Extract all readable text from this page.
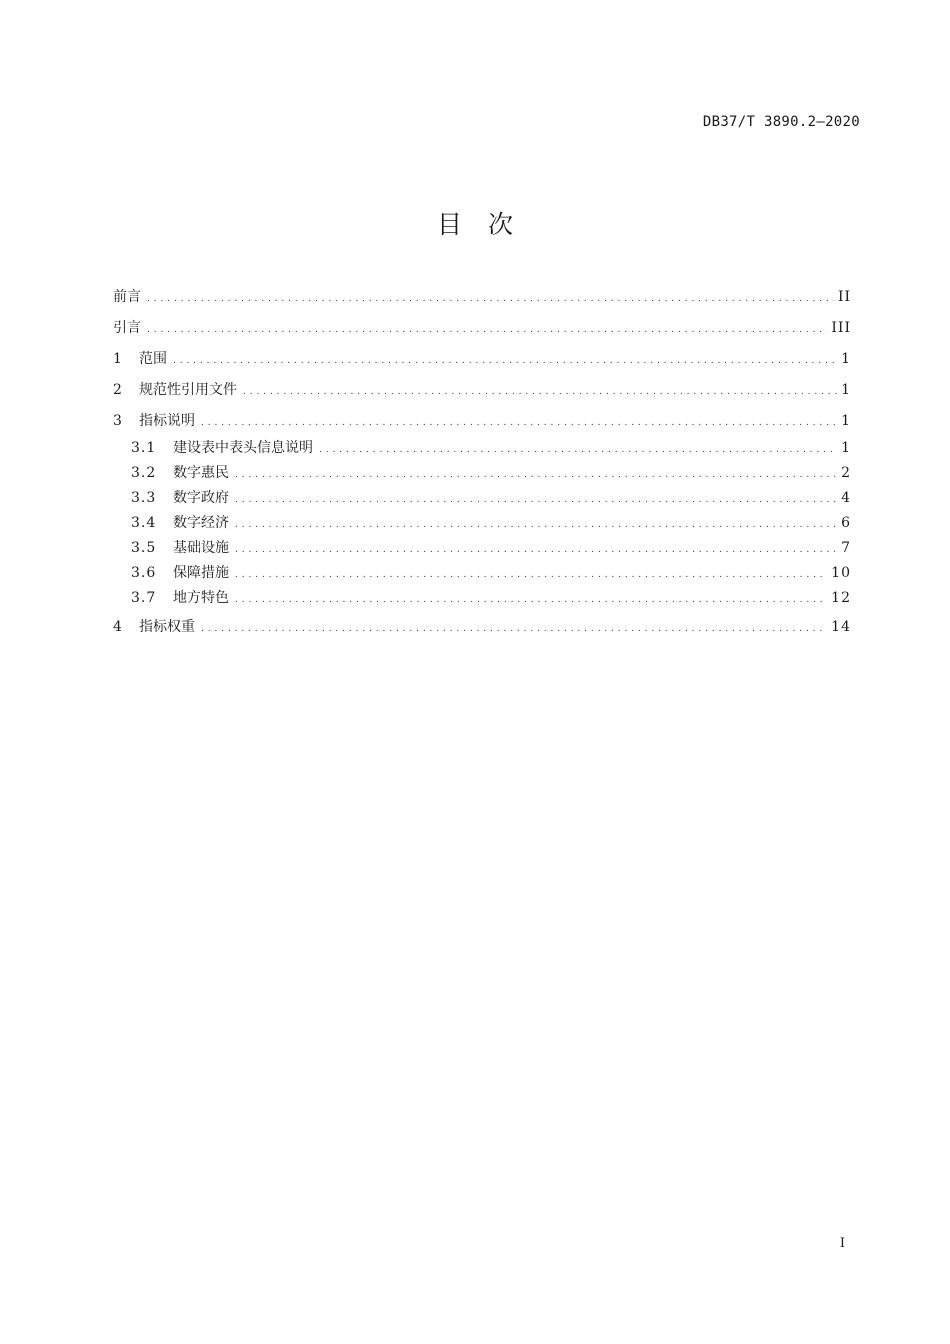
DB37/T 3890.2—2020
目次
前言 . . .	II
引言 . . .	III
1	范围 . . .	1
2	规范性引用文件 . . .	1
3	指标说明 . . .	1
3.1	建设表中表头信息说明 . . .	1
3.2	数字惠民 . . .	2
3.3	数字政府 . . .	4
3.4	数字经济 . . .	6
3.5	基础设施 . . .	7
3.6	保障措施 . . .	10
3.7	地方特色 . . .	12
4	指标权重 . . .	14
I
